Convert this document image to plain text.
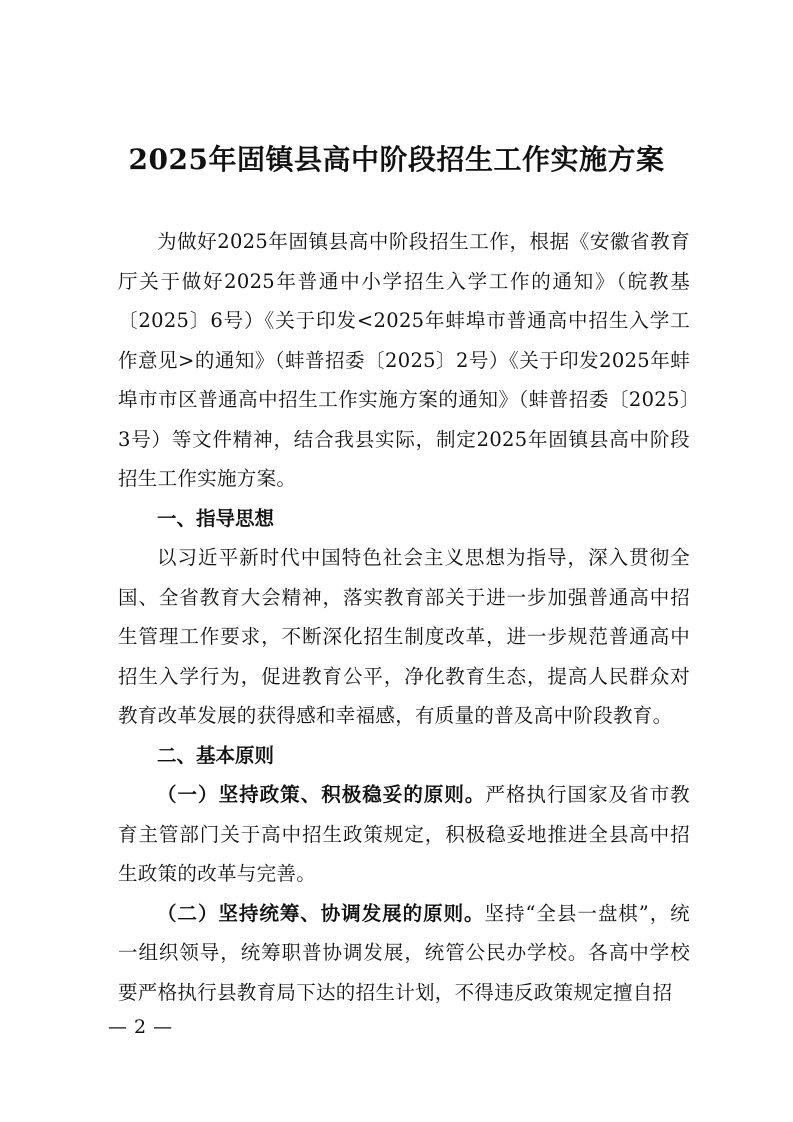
2025年固镇县高中阶段招生工作实施方案

为做好2025年固镇县高中阶段招生工作，根据《安徽省教育厅关于做好2025年普通中小学招生入学工作的通知》（皖教基〔2025〕6号）《关于印发<2025年蚌埠市普通高中招生入学工作意见>的通知》（蚌普招委〔2025〕2号）《关于印发2025年蚌埠市市区普通高中招生工作实施方案的通知》（蚌普招委〔2025〕3号）等文件精神，结合我县实际，制定2025年固镇县高中阶段招生工作实施方案。

一、指导思想

以习近平新时代中国特色社会主义思想为指导，深入贯彻全国、全省教育大会精神，落实教育部关于进一步加强普通高中招生管理工作要求，不断深化招生制度改革，进一步规范普通高中招生入学行为，促进教育公平，净化教育生态，提高人民群众对教育改革发展的获得感和幸福感，有质量的普及高中阶段教育。

二、基本原则

（一）坚持政策、积极稳妥的原则。严格执行国家及省市教育主管部门关于高中招生政策规定，积极稳妥地推进全县高中招生政策的改革与完善。

（二）坚持统筹、协调发展的原则。坚持“全县一盘棋”，统一组织领导，统筹职普协调发展，统管公民办学校。各高中学校要严格执行县教育局下达的招生计划，不得违反政策规定擅自招

— 2 —
